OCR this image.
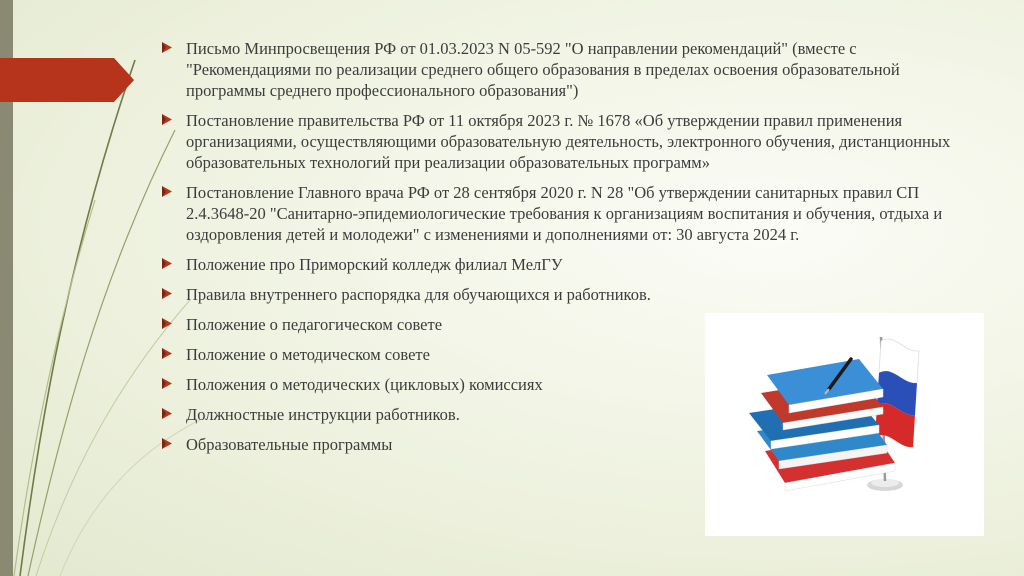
Письмо Минпросвещения РФ от 01.03.2023 N 05-592 "О направлении рекомендаций" (вместе с "Рекомендациями по реализации среднего общего образования в пределах освоения образовательной программы среднего профессионального образования")
Постановление правительства РФ от 11 октября 2023 г. № 1678 «Об утверждении правил применения организациями, осуществляющими образовательную деятельность, электронного обучения, дистанционных образовательных технологий при реализации образовательных программ»
Постановление Главного врача РФ от 28 сентября 2020 г. N 28 "Об утверждении санитарных правил СП 2.4.3648-20 "Санитарно-эпидемиологические требования к организациям воспитания и обучения, отдыха и оздоровления детей и молодежи" с изменениями и дополнениями от: 30 августа 2024 г.
Положение про Приморский колледж филиал МелГУ
Правила внутреннего распорядка для обучающихся и работников.
Положение о педагогическом совете
Положение о методическом совете
Положения о методических (цикловых) комиссиях
Должностные инструкции работников.
Образовательные программы
